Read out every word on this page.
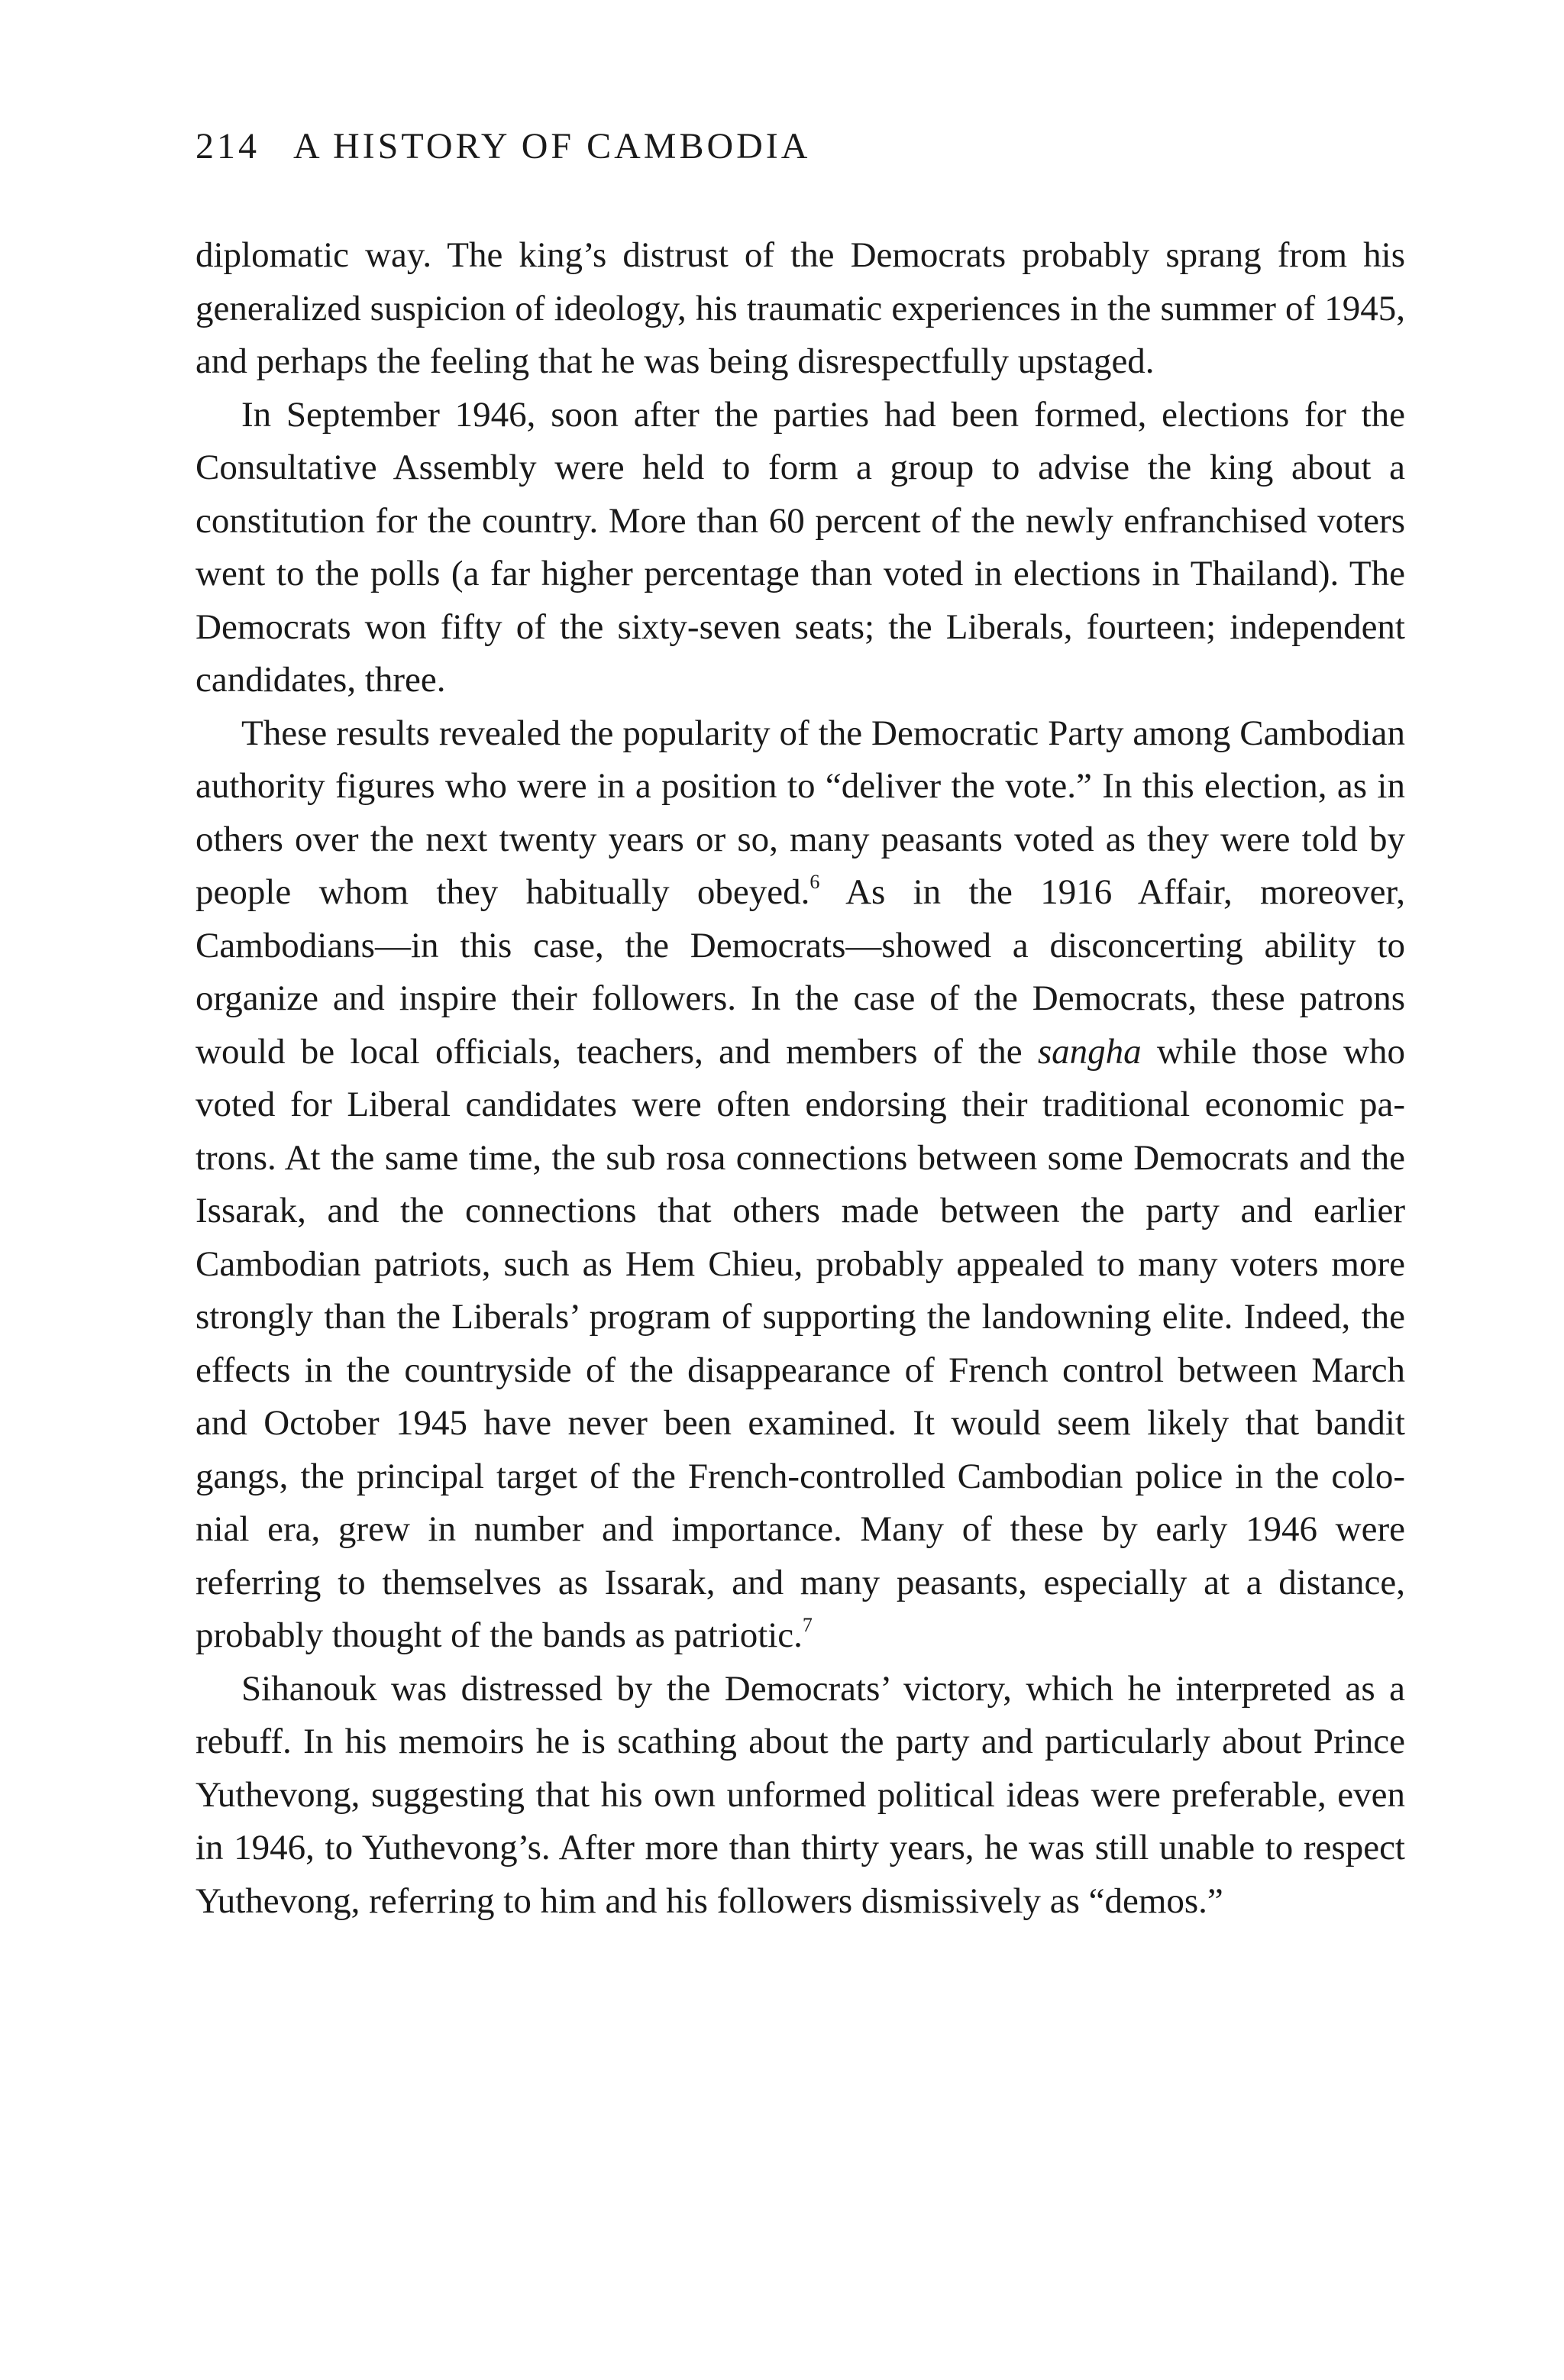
214 A HISTORY OF CAMBODIA

diplomatic way. The king’s distrust of the Democrats probably sprang from his generalized suspicion of ideology, his traumatic experiences in the summer of 1945, and perhaps the feeling that he was being disrespectfully upstaged.

In September 1946, soon after the parties had been formed, elections for the Consultative Assembly were held to form a group to advise the king about a constitution for the country. More than 60 percent of the newly enfranchised voters went to the polls (a far higher percentage than voted in elections in Thailand). The Democrats won fifty of the sixty-seven seats; the Liberals, fourteen; independent candidates, three.

These results revealed the popularity of the Democratic Party among Cambodian authority figures who were in a position to “deliver the vote.” In this election, as in others over the next twenty years or so, many peasants voted as they were told by people whom they habitually obeyed.$^6$ As in the 1916 Affair, moreover, Cambodians—in this case, the Democrats—showed a disconcerting ability to organize and inspire their followers. In the case of the Democrats, these patrons would be local officials, teachers, and members of the sangha while those who voted for Liberal candidates were often endorsing their traditional economic patrons. At the same time, the sub rosa connections between some Democrats and the Issarak, and the connections that others made between the party and earlier Cambodian patriots, such as Hem Chieu, probably appealed to many voters more strongly than the Liberals’ program of supporting the landowning elite. Indeed, the effects in the countryside of the disappearance of French control between March and October 1945 have never been examined. It would seem likely that bandit gangs, the principal target of the French-controlled Cambodian police in the colonial era, grew in number and importance. Many of these by early 1946 were referring to themselves as Issarak, and many peasants, especially at a distance, probably thought of the bands as patriotic.$^7$

Sihanouk was distressed by the Democrats’ victory, which he interpreted as a rebuff. In his memoirs he is scathing about the party and particularly about Prince Yuthevong, suggesting that his own unformed political ideas were preferable, even in 1946, to Yuthevong’s. After more than thirty years, he was still unable to respect Yuthevong, referring to him and his followers dismissively as “demos.”
